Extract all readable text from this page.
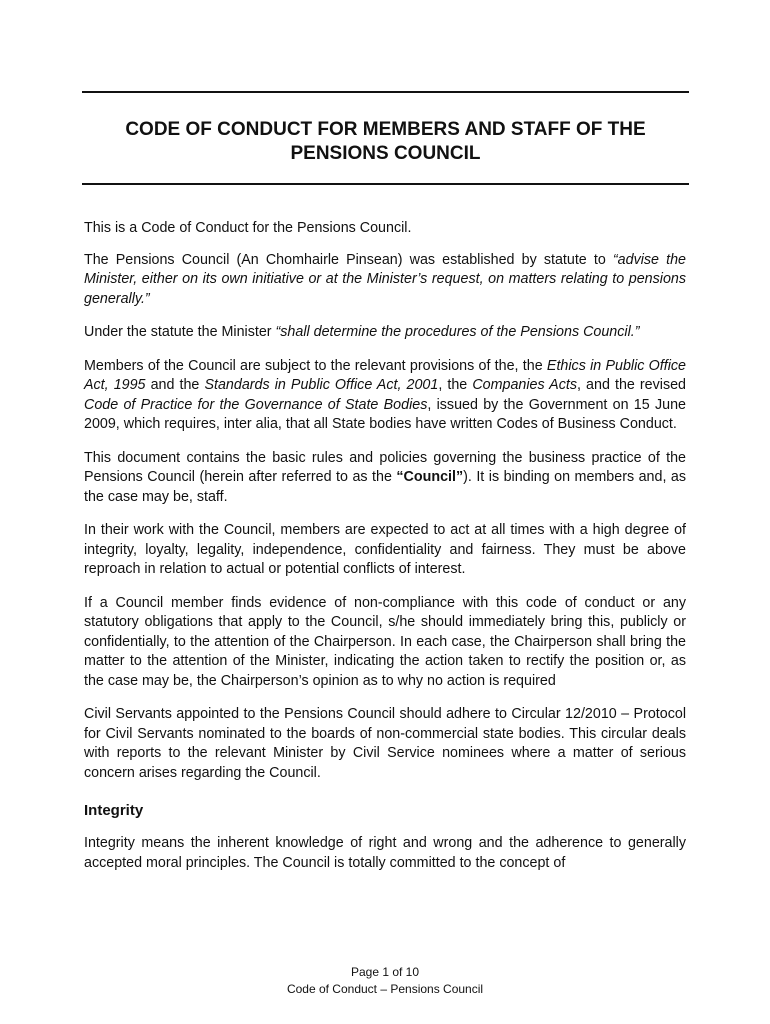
CODE OF CONDUCT FOR MEMBERS AND STAFF OF THE
PENSIONS COUNCIL

This is a Code of Conduct for the Pensions Council.

The Pensions Council (An Chomhairle Pinsean) was established by statute to “advise the Minister, either on its own initiative or at the Minister’s request, on matters relating to pensions generally.”

Under the statute the Minister “shall determine the procedures of the Pensions Council.”

Members of the Council are subject to the relevant provisions of the, the Ethics in Public Office Act, 1995 and the Standards in Public Office Act, 2001, the Companies Acts, and the revised Code of Practice for the Governance of State Bodies, issued by the Government on 15 June 2009, which requires, inter alia, that all State bodies have written Codes of Business Conduct.

This document contains the basic rules and policies governing the business practice of the Pensions Council (herein after referred to as the “Council”). It is binding on members and, as the case may be, staff.

In their work with the Council, members are expected to act at all times with a high degree of integrity, loyalty, legality, independence, confidentiality and fairness. They must be above reproach in relation to actual or potential conflicts of interest.

If a Council member finds evidence of non-compliance with this code of conduct or any statutory obligations that apply to the Council, s/he should immediately bring this, publicly or confidentially, to the attention of the Chairperson. In each case, the Chairperson shall bring the matter to the attention of the Minister, indicating the action taken to rectify the position or, as the case may be, the Chairperson’s opinion as to why no action is required

Civil Servants appointed to the Pensions Council should adhere to Circular 12/2010 – Protocol for Civil Servants nominated to the boards of non-commercial state bodies. This circular deals with reports to the relevant Minister by Civil Service nominees where a matter of serious concern arises regarding the Council.

Integrity

Integrity means the inherent knowledge of right and wrong and the adherence to generally accepted moral principles. The Council is totally committed to the concept of

Page 1 of 10
Code of Conduct – Pensions Council
